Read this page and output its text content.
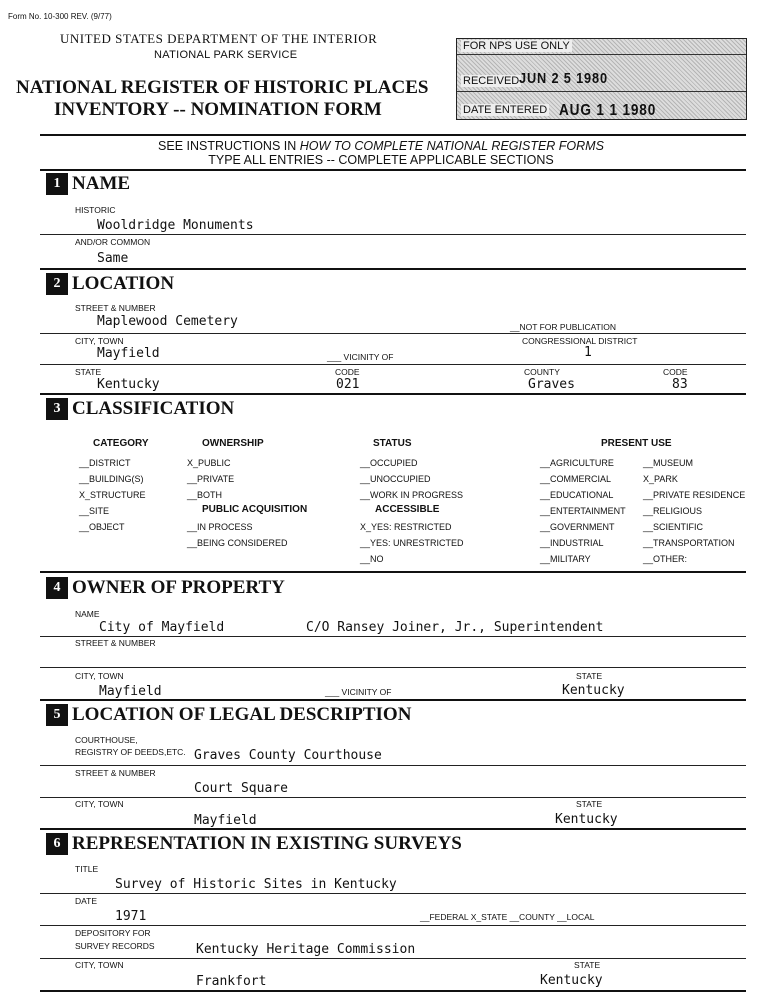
Form No. 10-300 REV. (9/77)
UNITED STATES DEPARTMENT OF THE INTERIOR
NATIONAL PARK SERVICE
NATIONAL REGISTER OF HISTORIC PLACES
INVENTORY -- NOMINATION FORM
FOR NPS USE ONLY
RECEIVED JUN 2 5 1980
DATE ENTERED AUG 1 1 1980
SEE INSTRUCTIONS IN HOW TO COMPLETE NATIONAL REGISTER FORMS
TYPE ALL ENTRIES -- COMPLETE APPLICABLE SECTIONS
1 NAME
HISTORIC
Wooldridge Monuments
AND/OR COMMON
Same
2 LOCATION
STREET & NUMBER
Maplewood Cemetery	__NOT FOR PUBLICATION
CITY, TOWN	CONGRESSIONAL DISTRICT
Mayfield	___ VICINITY OF	1
STATE	CODE	COUNTY	CODE
Kentucky	021	Graves	83
3 CLASSIFICATION
CATEGORY
__DISTRICT
__BUILDING(S)
X_STRUCTURE
__SITE
__OBJECT
OWNERSHIP
X_PUBLIC
__PRIVATE
__BOTH
PUBLIC ACQUISITION
__IN PROCESS
__BEING CONSIDERED
STATUS
__OCCUPIED
__UNOCCUPIED
__WORK IN PROGRESS
ACCESSIBLE
X_YES: RESTRICTED
__YES: UNRESTRICTED
__NO
PRESENT USE
__AGRICULTURE
__COMMERCIAL
__EDUCATIONAL
__ENTERTAINMENT
__GOVERNMENT
__INDUSTRIAL
__MILITARY
__MUSEUM
X_PARK
__PRIVATE RESIDENCE
__RELIGIOUS
__SCIENTIFIC
__TRANSPORTATION
__OTHER:
4 OWNER OF PROPERTY
NAME
City of Mayfield	C/O Ransey Joiner, Jr., Superintendent
STREET & NUMBER
CITY, TOWN	STATE
Mayfield	___ VICINITY OF	Kentucky
5 LOCATION OF LEGAL DESCRIPTION
COURTHOUSE,
REGISTRY OF DEEDS,ETC. Graves County Courthouse
STREET & NUMBER
Court Square
CITY, TOWN	STATE
Mayfield	Kentucky
6 REPRESENTATION IN EXISTING SURVEYS
TITLE
Survey of Historic Sites in Kentucky
DATE
1971	__FEDERAL X_STATE __COUNTY __LOCAL
DEPOSITORY FOR
SURVEY RECORDS	Kentucky Heritage Commission
CITY, TOWN	STATE
Frankfort	Kentucky
